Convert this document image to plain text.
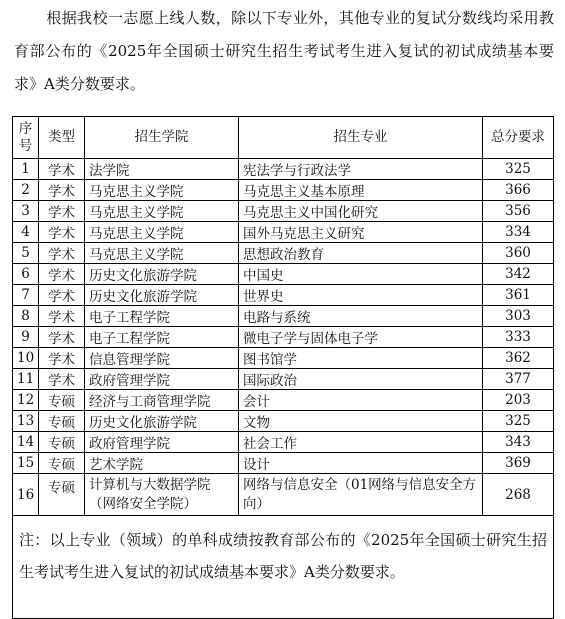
根据我校一志愿上线人数，除以下专业外，其他专业的复试分数线均采用教育部公布的《2025年全国硕士研究生招生考试考生进入复试的初试成绩基本要求》A类分数要求。
序号	类型	招生学院	招生专业	总分要求
1	学术	法学院	宪法学与行政法学	325
2	学术	马克思主义学院	马克思主义基本原理	366
3	学术	马克思主义学院	马克思主义中国化研究	356
4	学术	马克思主义学院	国外马克思主义研究	334
5	学术	马克思主义学院	思想政治教育	360
6	学术	历史文化旅游学院	中国史	342
7	学术	历史文化旅游学院	世界史	361
8	学术	电子工程学院	电路与系统	303
9	学术	电子工程学院	微电子学与固体电子学	333
10	学术	信息管理学院	图书馆学	362
11	学术	政府管理学院	国际政治	377
12	专硕	经济与工商管理学院	会计	203
13	专硕	历史文化旅游学院	文物	325
14	专硕	政府管理学院	社会工作	343
15	专硕	艺术学院	设计	369
16	专硕	计算机与大数据学院（网络安全学院）	网络与信息安全（01网络与信息安全方向）	268
注：以上专业（领域）的单科成绩按教育部公布的《2025年全国硕士研究生招生考试考生进入复试的初试成绩基本要求》A类分数要求。				
